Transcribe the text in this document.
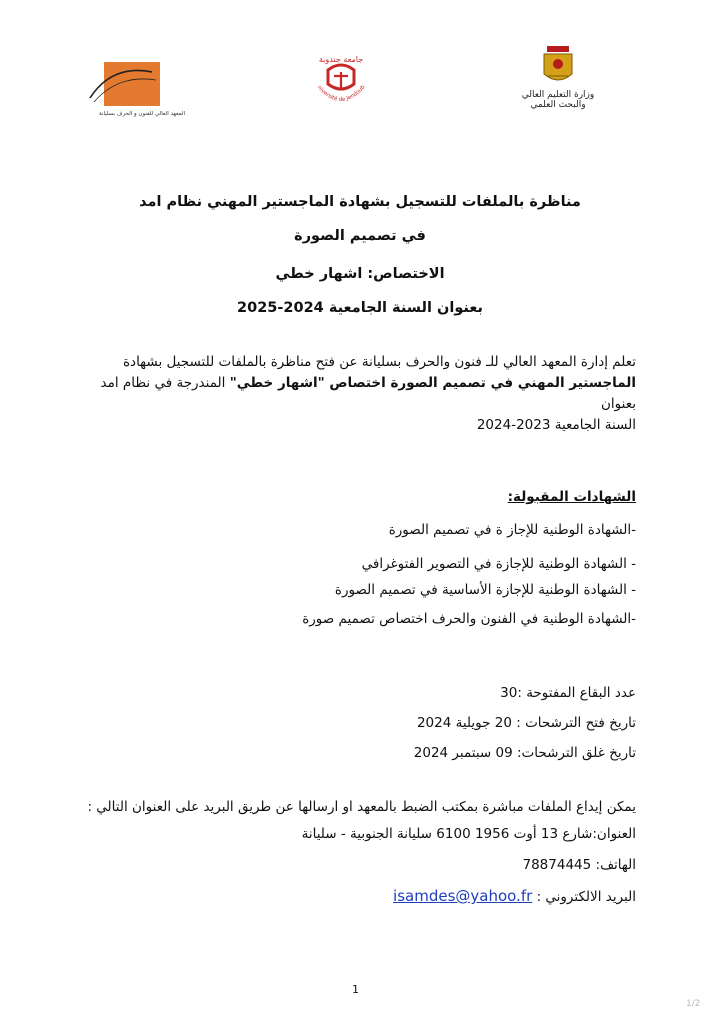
المعهد العالي للفنون و الحرف بسليانة
جامعة جندوبة
niversité de Jendoub
وزارة التعليم العالي
والبحث العلمي
مناظرة بالملفات للتسجيل بشهادة الماجستير المهني نظام امد
في تصميم الصورة
الاختصاص: اشهار خطي
بعنوان السنة الجامعية 2024-2025
تعلم إدارة المعهد العالي للـ فنون والحرف بسليانة عن فتح مناظرة بالملفات للتسجيل بشهادة
الماجستير المهني في تصميم الصورة اختصاص "اشهار خطي" المندرجة في نظام امد بعنوان
السنة الجامعية 2023-2024
الشهادات المقبولة:
-الشهادة الوطنية للإجاز ة في تصميم الصورة
- الشهادة الوطنية للإجازة في التصوير الفتوغرافي
- الشهادة الوطنية للإجازة الأساسية في تصميم الصورة
-الشهادة الوطنية في الفنون والحرف اختصاص تصميم صورة
عدد البقاع المفتوحة :30
تاريخ فتح الترشحات : 20 جويلية 2024
تاريخ غلق الترشحات: 09 سبتمبر 2024
يمكن إيداع الملفات مباشرة بمكتب الضبط بالمعهد او ارسالها عن طريق البريد على العنوان التالي :
العنوان:شارع 13 أوت 1956 6100 سليانة الجنوبية - سليانة
الهاتف: 78874445
البريد الالكتروني : isamdes@yahoo.fr
1
1/2
